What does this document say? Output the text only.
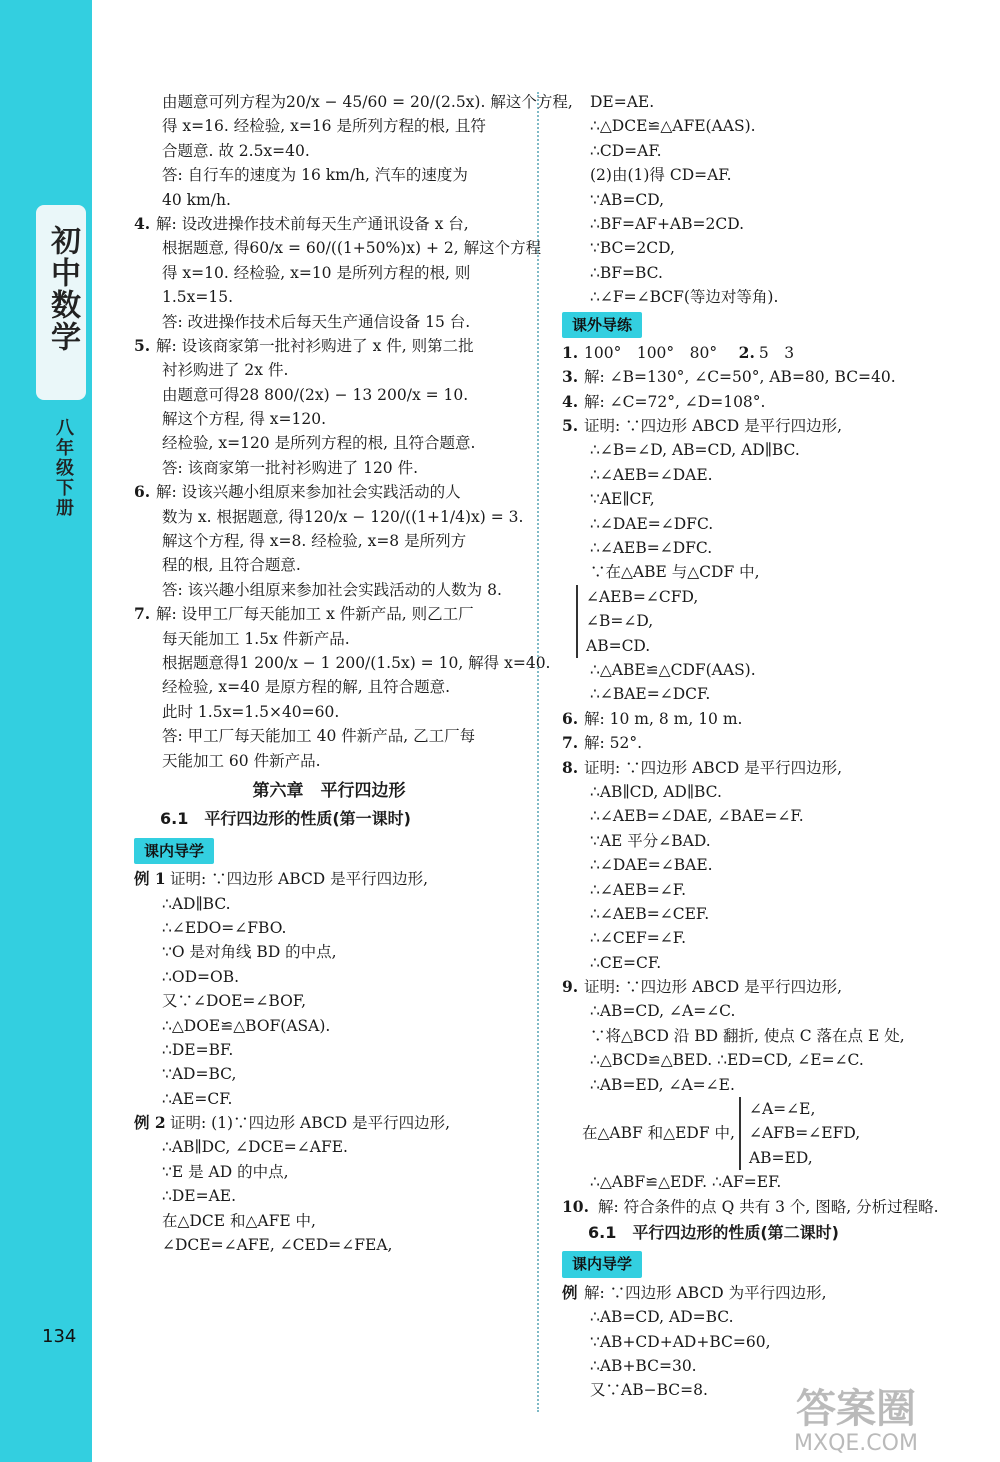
初中数学
八年级下册
134
由题意可列方程为20/x − 45/60 = 20/(2.5x). 解这个方程,
得 x=16. 经检验, x=16 是所列方程的根, 且符
合题意. 故 2.5x=40.
答: 自行车的速度为 16 km/h, 汽车的速度为
40 km/h.
4. 解: 设改进操作技术前每天生产通讯设备 x 台,
根据题意, 得60/x = 60/((1+50%)x) + 2, 解这个方程
得 x=10. 经检验, x=10 是所列方程的根, 则
1.5x=15.
答: 改进操作技术后每天生产通信设备 15 台.
5. 解: 设该商家第一批衬衫购进了 x 件, 则第二批
衬衫购进了 2x 件.
由题意可得28 800/(2x) − 13 200/x = 10.
解这个方程, 得 x=120.
经检验, x=120 是所列方程的根, 且符合题意.
答: 该商家第一批衬衫购进了 120 件.
6. 解: 设该兴趣小组原来参加社会实践活动的人
数为 x. 根据题意, 得120/x − 120/((1+1/4)x) = 3.
解这个方程, 得 x=8. 经检验, x=8 是所列方
程的根, 且符合题意.
答: 该兴趣小组原来参加社会实践活动的人数为 8.
7. 解: 设甲工厂每天能加工 x 件新产品, 则乙工厂
每天能加工 1.5x 件新产品.
根据题意得1 200/x − 1 200/(1.5x) = 10, 解得 x=40.
经检验, x=40 是原方程的解, 且符合题意.
此时 1.5x=1.5×40=60.
答: 甲工厂每天能加工 40 件新产品, 乙工厂每
天能加工 60 件新产品.
第六章　平行四边形
6.1　平行四边形的性质(第一课时)
课内导学
例 1 证明: ∵四边形 ABCD 是平行四边形,
∴AD∥BC.
∴∠EDO=∠FBO.
∵O 是对角线 BD 的中点,
∴OD=OB.
又∵∠DOE=∠BOF,
∴△DOE≌△BOF(ASA).
∴DE=BF.
∵AD=BC,
∴AE=CF.
例 2 证明: (1)∵四边形 ABCD 是平行四边形,
∴AB∥DC, ∠DCE=∠AFE.
∵E 是 AD 的中点,
∴DE=AE.
在△DCE 和△AFE 中,
∠DCE=∠AFE, ∠CED=∠FEA,
DE=AE.
∴△DCE≌△AFE(AAS).
∴CD=AF.
(2)由(1)得 CD=AF.
∵AB=CD,
∴BF=AF+AB=2CD.
∵BC=2CD,
∴BF=BC.
∴∠F=∠BCF(等边对等角).
课外导练
1. 100°　100°　80°　2. 5　3
3. 解: ∠B=130°, ∠C=50°, AB=80, BC=40.
4. 解: ∠C=72°, ∠D=108°.
5. 证明: ∵四边形 ABCD 是平行四边形,
∴∠B=∠D, AB=CD, AD∥BC.
∴∠AEB=∠DAE.
∵AE∥CF,
∴∠DAE=∠DFC.
∴∠AEB=∠DFC.
∵在△ABE 与△CDF 中,
∠AEB=∠CFD,
∠B=∠D,
AB=CD.
∴△ABE≌△CDF(AAS).
∴∠BAE=∠DCF.
6. 解: 10 m, 8 m, 10 m.
7. 解: 52°.
8. 证明: ∵四边形 ABCD 是平行四边形,
∴AB∥CD, AD∥BC.
∴∠AEB=∠DAE, ∠BAE=∠F.
∵AE 平分∠BAD.
∴∠DAE=∠BAE.
∴∠AEB=∠F.
∴∠AEB=∠CEF.
∴∠CEF=∠F.
∴CE=CF.
9. 证明: ∵四边形 ABCD 是平行四边形,
∴AB=CD, ∠A=∠C.
∵将△BCD 沿 BD 翻折, 使点 C 落在点 E 处,
∴△BCD≌△BED. ∴ED=CD, ∠E=∠C.
∴AB=ED, ∠A=∠E.
在△ABF 和△EDF 中,
∠A=∠E,
∠AFB=∠EFD,
AB=ED,
∴△ABF≌△EDF. ∴AF=EF.
10. 解: 符合条件的点 Q 共有 3 个, 图略, 分析过程略.
6.1　平行四边形的性质(第二课时)
课内导学
例 解: ∵四边形 ABCD 为平行四边形,
∴AB=CD, AD=BC.
∵AB+CD+AD+BC=60,
∴AB+BC=30.
又∵AB−BC=8.	答案圈
MXQE.COM
